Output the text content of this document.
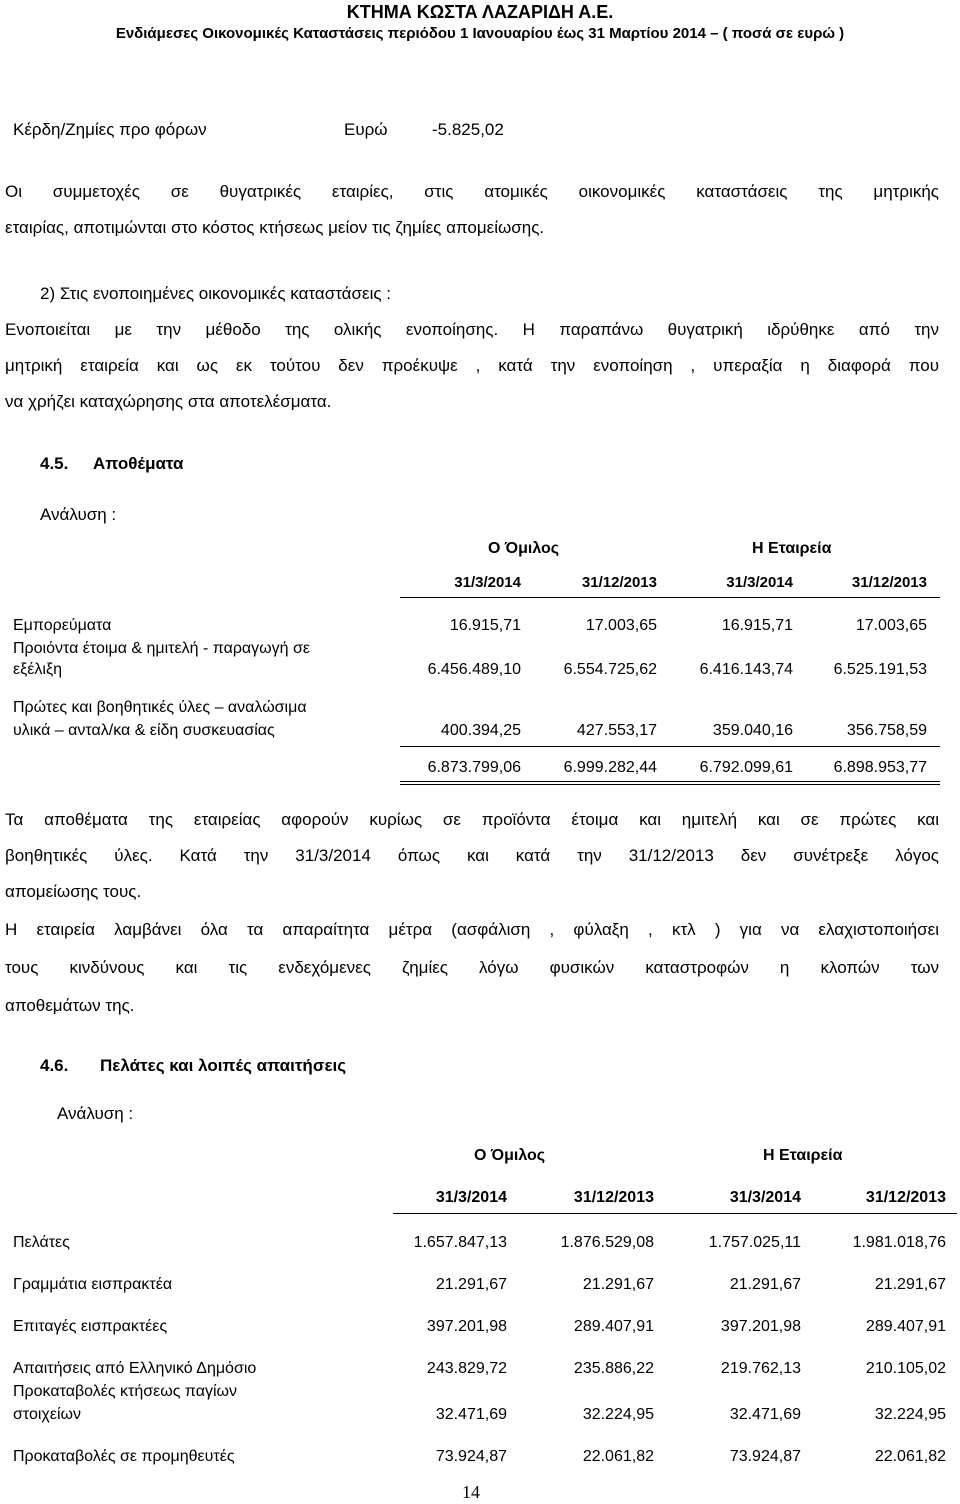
ΚΤΗΜΑ ΚΩΣΤΑ ΛΑΖΑΡΙΔΗ Α.Ε.
Ενδιάμεσες Οικονομικές Καταστάσεις περιόδου 1 Ιανουαρίου έως 31 Μαρτίου 2014 – ( ποσά σε ευρώ )
Κέρδη/Ζημίες προ φόρων	Ευρώ	-5.825,02
Οι συμμετοχές σε θυγατρικές εταιρίες, στις ατομικές οικονομικές καταστάσεις της μητρικής
εταιρίας, αποτιμώνται στο κόστος κτήσεως μείον τις ζημίες απομείωσης.
2) Στις ενοποιημένες οικονομικές καταστάσεις :
Ενοποιείται με την μέθοδο της ολικής ενοποίησης. Η παραπάνω θυγατρική ιδρύθηκε από την
μητρική εταιρεία και ως εκ τούτου δεν προέκυψε , κατά την ενοποίηση , υπεραξία η διαφορά που
να χρήζει καταχώρησης στα αποτελέσματα.
4.5. Αποθέματα
Ανάλυση :
Ο Όμιλος	Η Εταιρεία
31/3/2014	31/12/2013	31/3/2014	31/12/2013
Εμπορεύματα	16.915,71	17.003,65	16.915,71	17.003,65
Προιόντα έτοιμα & ημιτελή - παραγωγή σε
εξέλιξη	6.456.489,10	6.554.725,62	6.416.143,74	6.525.191,53
Πρώτες και βοηθητικές ύλες – αναλώσιμα
υλικά – ανταλ/κα & είδη συσκευασίας	400.394,25	427.553,17	359.040,16	356.758,59
6.873.799,06	6.999.282,44	6.792.099,61	6.898.953,77
Τα αποθέματα της εταιρείας αφορούν κυρίως σε προϊόντα έτοιμα και ημιτελή και σε πρώτες και
βοηθητικές ύλες. Κατά την 31/3/2014 όπως και κατά την 31/12/2013 δεν συνέτρεξε λόγος
απομείωσης τους.
Η εταιρεία λαμβάνει όλα τα απαραίτητα μέτρα (ασφάλιση , φύλαξη , κτλ ) για να ελαχιστοποιήσει
τους κινδύνους και τις ενδεχόμενες ζημίες λόγω φυσικών καταστροφών η κλοπών των
αποθεμάτων της.
4.6. Πελάτες και λοιπές απαιτήσεις
Ανάλυση :
Ο Όμιλος	Η Εταιρεία
31/3/2014	31/12/2013	31/3/2014	31/12/2013
Πελάτες	1.657.847,13	1.876.529,08	1.757.025,11	1.981.018,76
Γραμμάτια εισπρακτέα	21.291,67	21.291,67	21.291,67	21.291,67
Επιταγές εισπρακτέες	397.201,98	289.407,91	397.201,98	289.407,91
Απαιτήσεις από Ελληνικό Δημόσιο	243.829,72	235.886,22	219.762,13	210.105,02
Προκαταβολές κτήσεως παγίων
στοιχείων	32.471,69	32.224,95	32.471,69	32.224,95
Προκαταβολές σε προμηθευτές	73.924,87	22.061,82	73.924,87	22.061,82
14
